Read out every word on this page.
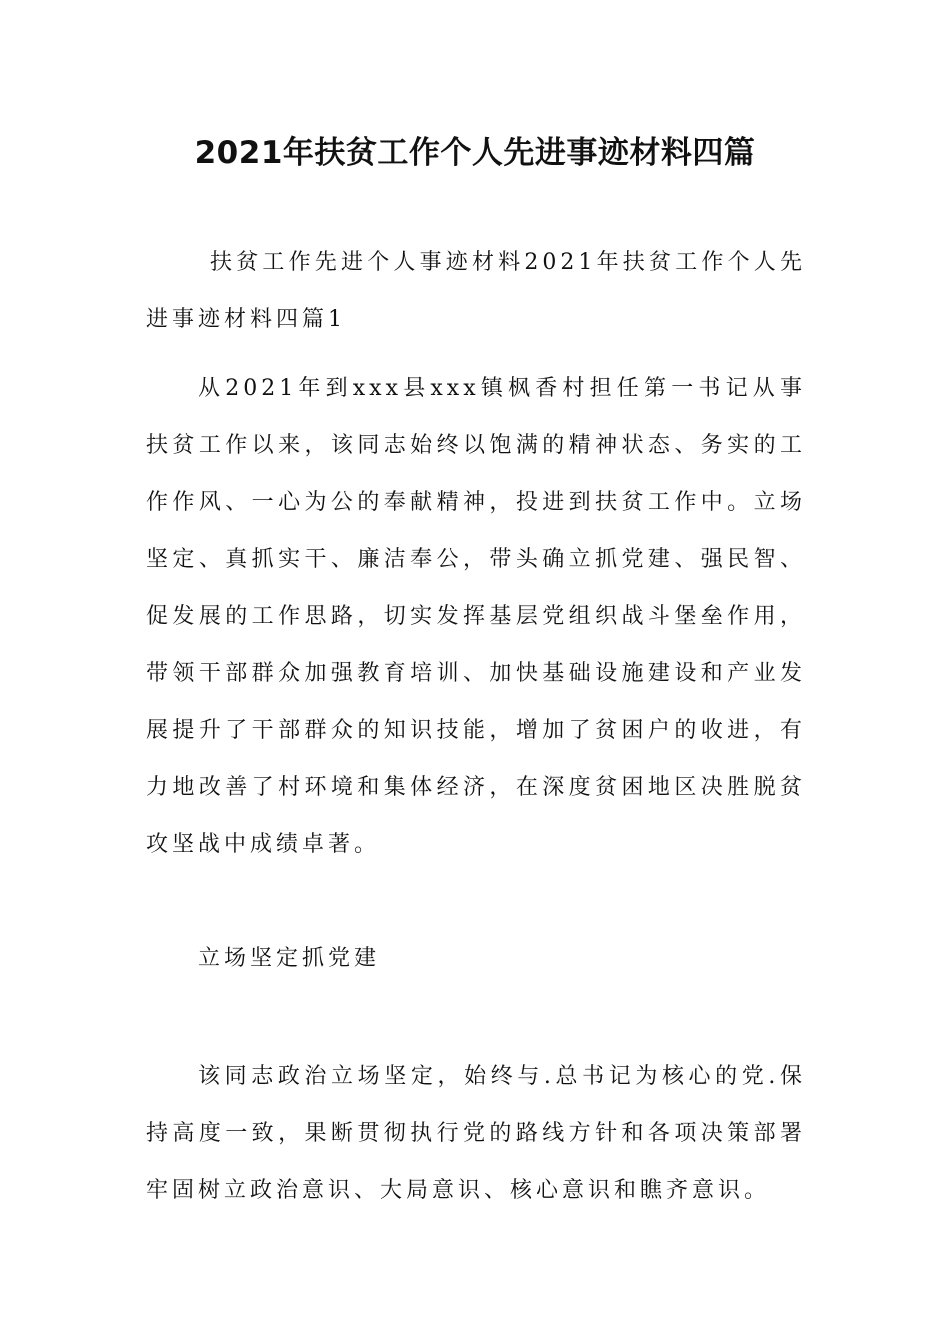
2021年扶贫工作个人先进事迹材料四篇

扶贫工作先进个人事迹材料2021年扶贫工作个人先进事迹材料四篇1

从2021年到xxx县xxx镇枫香村担任第一书记从事扶贫工作以来，该同志始终以饱满的精神状态、务实的工作作风、一心为公的奉献精神，投进到扶贫工作中。立场坚定、真抓实干、廉洁奉公，带头确立抓党建、强民智、促发展的工作思路，切实发挥基层党组织战斗堡垒作用，带领干部群众加强教育培训、加快基础设施建设和产业发展提升了干部群众的知识技能，增加了贫困户的收进，有力地改善了村环境和集体经济，在深度贫困地区决胜脱贫攻坚战中成绩卓著。

立场坚定抓党建

该同志政治立场坚定，始终与.总书记为核心的党.保持高度一致，果断贯彻执行党的路线方针和各项决策部署牢固树立政治意识、大局意识、核心意识和瞧齐意识。
